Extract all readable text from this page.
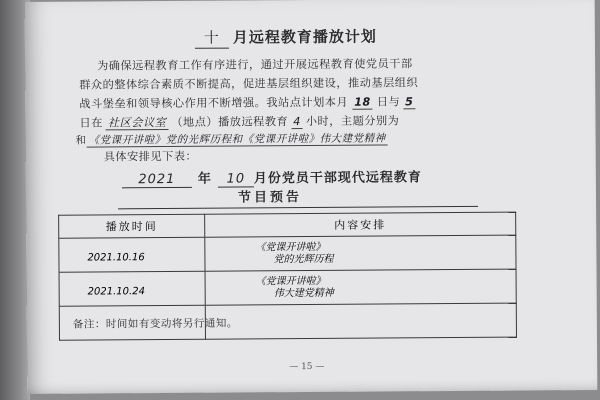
十 月远程教育播放计划
为确保远程教育工作有序进行，通过开展远程教育使党员干部
群众的整体综合素质不断提高，促进基层组织建设，推动基层组织
战斗堡垒和领导核心作用不断增强。我站点计划本月 18 日与 5
日在 社区会议室 （地点）播放远程教育 4 小时，主题分别为
和 《党课开讲啦》党的光辉历程和《党课开讲啦》伟大建党精神
具体安排见下表：
2021 年 10 月份党员干部现代远程教育
节目预告
播放时间	内容安排
2021.10.16	《党课开讲啦》
党的光辉历程

2021.10.24	《党课开讲啦》
伟大建党精神

备注：时间如有变动将另行通知。
— 15 —
